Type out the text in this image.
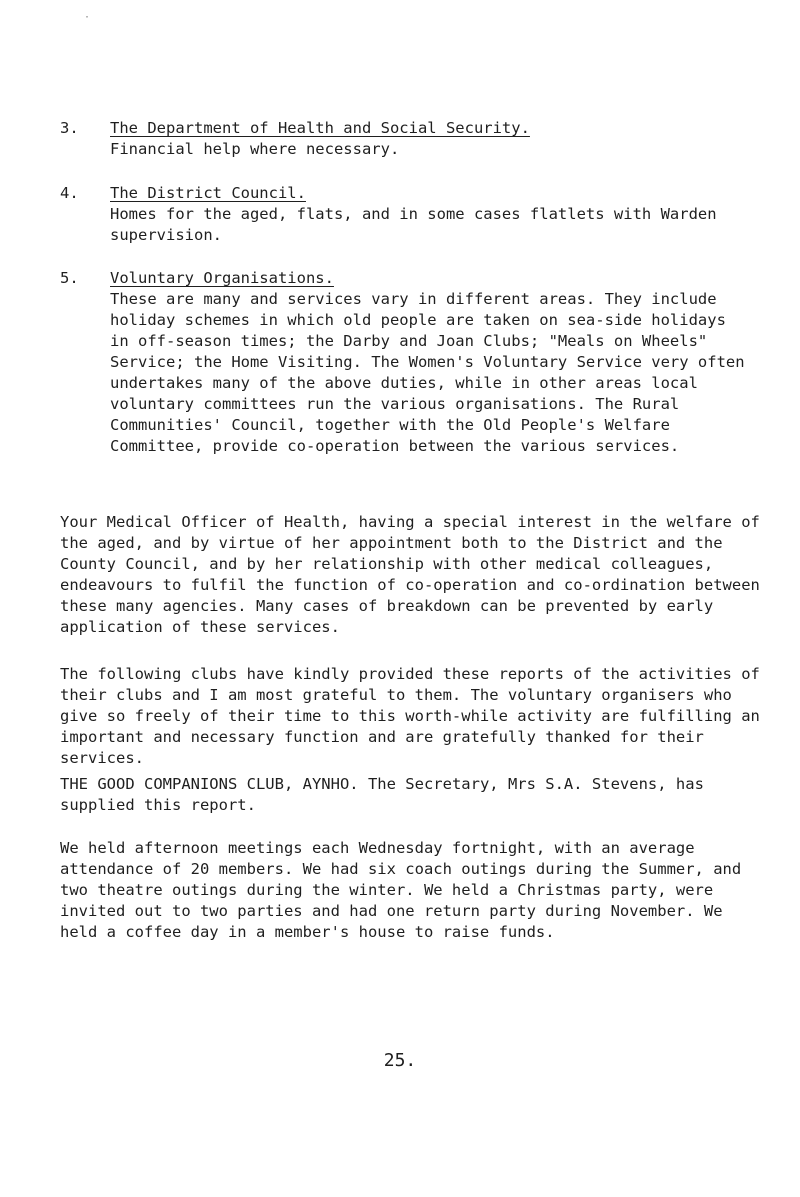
·
3. The Department of Health and Social Security.
Financial help where necessary.
4. The District Council.
Homes for the aged, flats, and in some cases flatlets with Warden supervision.
5. Voluntary Organisations.
These are many and services vary in different areas. They include holiday schemes in which old people are taken on sea-side holidays in off-season times; the Darby and Joan Clubs; "Meals on Wheels" Service; the Home Visiting. The Women's Voluntary Service very often undertakes many of the above duties, while in other areas local voluntary committees run the various organisations. The Rural Communities' Council, together with the Old People's Welfare Committee, provide co-operation between the various services.

Your Medical Officer of Health, having a special interest in the welfare of the aged, and by virtue of her appointment both to the District and the County Council, and by her relationship with other medical colleagues, endeavours to fulfil the function of co-operation and co-ordination between these many agencies. Many cases of breakdown can be prevented by early application of these services.

The following clubs have kindly provided these reports of the activities of their clubs and I am most grateful to them. The voluntary organisers who give so freely of their time to this worth-while activity are fulfilling an important and necessary function and are gratefully thanked for their services.

THE GOOD COMPANIONS CLUB, AYNHO. The Secretary, Mrs S.A. Stevens, has supplied this report.

We held afternoon meetings each Wednesday fortnight, with an average attendance of 20 members. We had six coach outings during the Summer, and two theatre outings during the winter. We held a Christmas party, were invited out to two parties and had one return party during November. We held a coffee day in a member's house to raise funds.

25.
